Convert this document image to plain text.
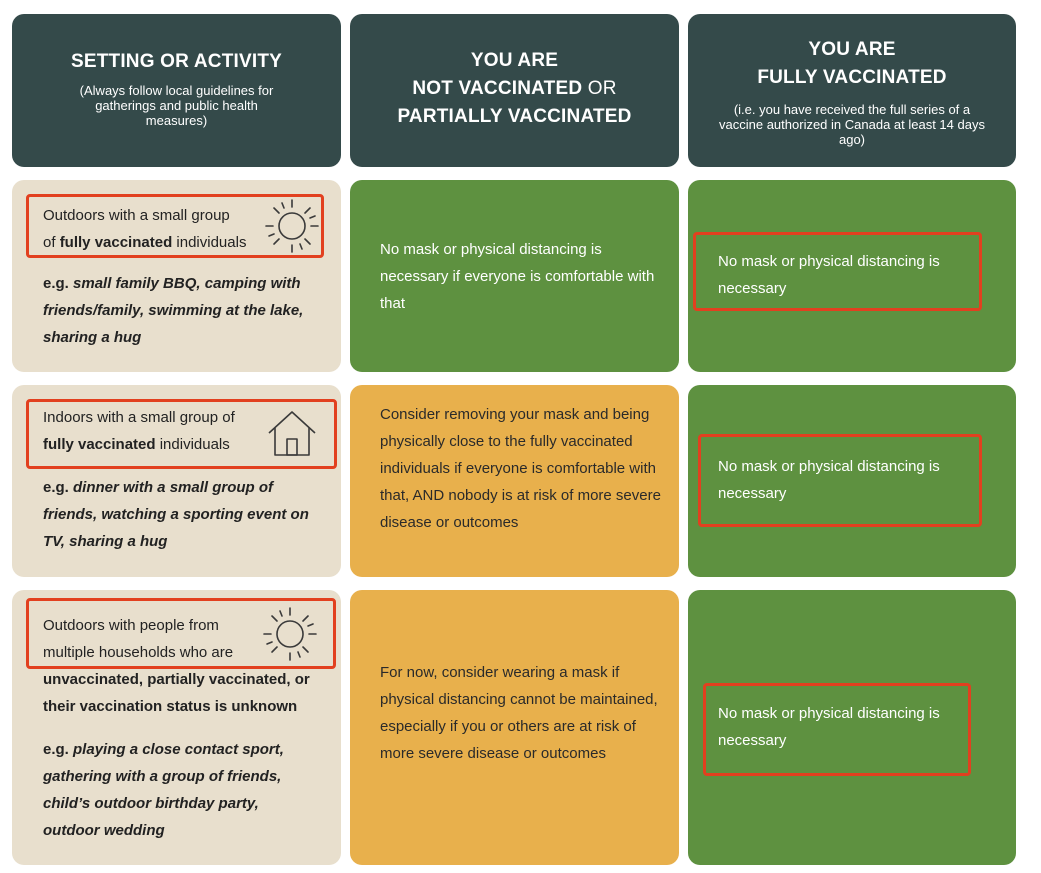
SETTING OR ACTIVITY
(Always follow local guidelines for gatherings and public health measures)
YOU ARE
NOT VACCINATED OR
PARTIALLY VACCINATED
YOU ARE
FULLY VACCINATED
(i.e. you have received the full series of a vaccine authorized in Canada at least 14 days ago)
Outdoors with a small group
of fully vaccinated individuals
e.g. small family BBQ, camping with friends/family, swimming at the lake, sharing a hug
No mask or physical distancing is necessary if everyone is comfortable with that
No mask or physical distancing is necessary
Indoors with a small group of
fully vaccinated individuals
e.g. dinner with a small group of friends, watching a sporting event on TV, sharing a hug
Consider removing your mask and being physically close to the fully vaccinated individuals if everyone is comfortable with that, AND nobody is at risk of more severe disease or outcomes
No mask or physical distancing is necessary
Outdoors with people from
multiple households who are
unvaccinated, partially vaccinated, or their vaccination status is unknown
e.g. playing a close contact sport, gathering with a group of friends, child’s outdoor birthday party, outdoor wedding
For now, consider wearing a mask if physical distancing cannot be maintained, especially if you or others are at risk of more severe disease or outcomes
No mask or physical distancing is necessary
